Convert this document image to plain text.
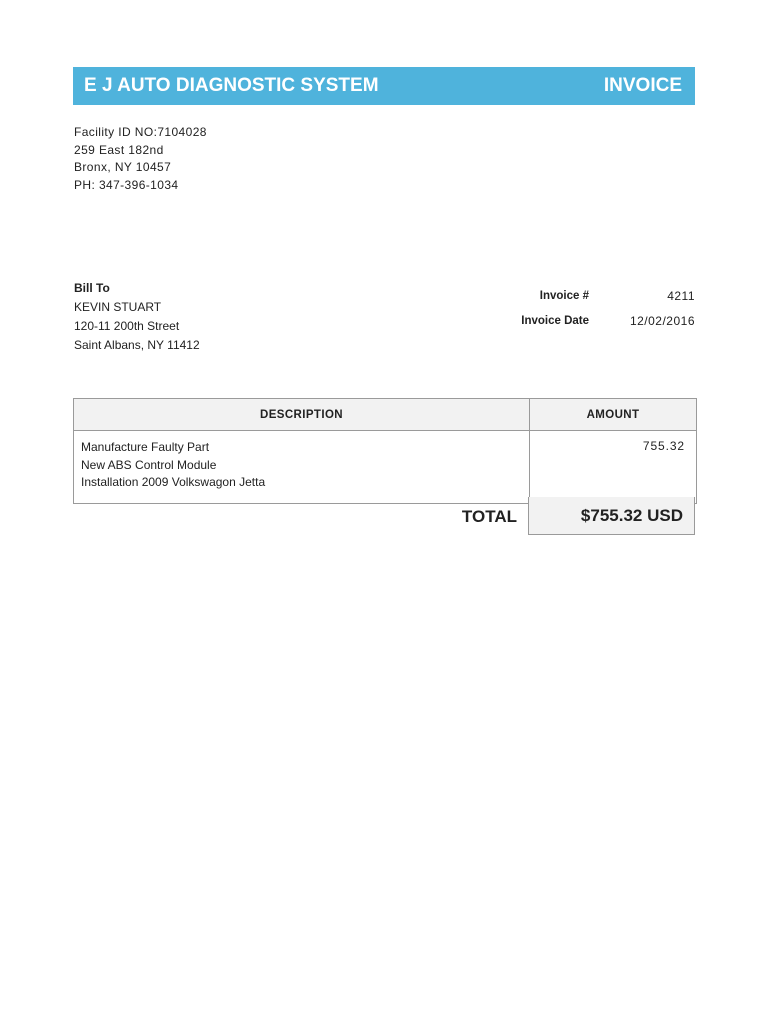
E J AUTO DIAGNOSTIC SYSTEM	INVOICE
Facility ID NO:7104028
259 East 182nd
Bronx, NY 10457
PH: 347-396-1034
Bill To
KEVIN STUART
120-11 200th Street
Saint Albans, NY 11412
Invoice #	4211
Invoice Date	12/02/2016
DESCRIPTION	AMOUNT

Manufacture Faulty Part
New ABS Control Module
Installation 2009 Volkswagon Jetta	755.32
TOTAL	$755.32 USD
